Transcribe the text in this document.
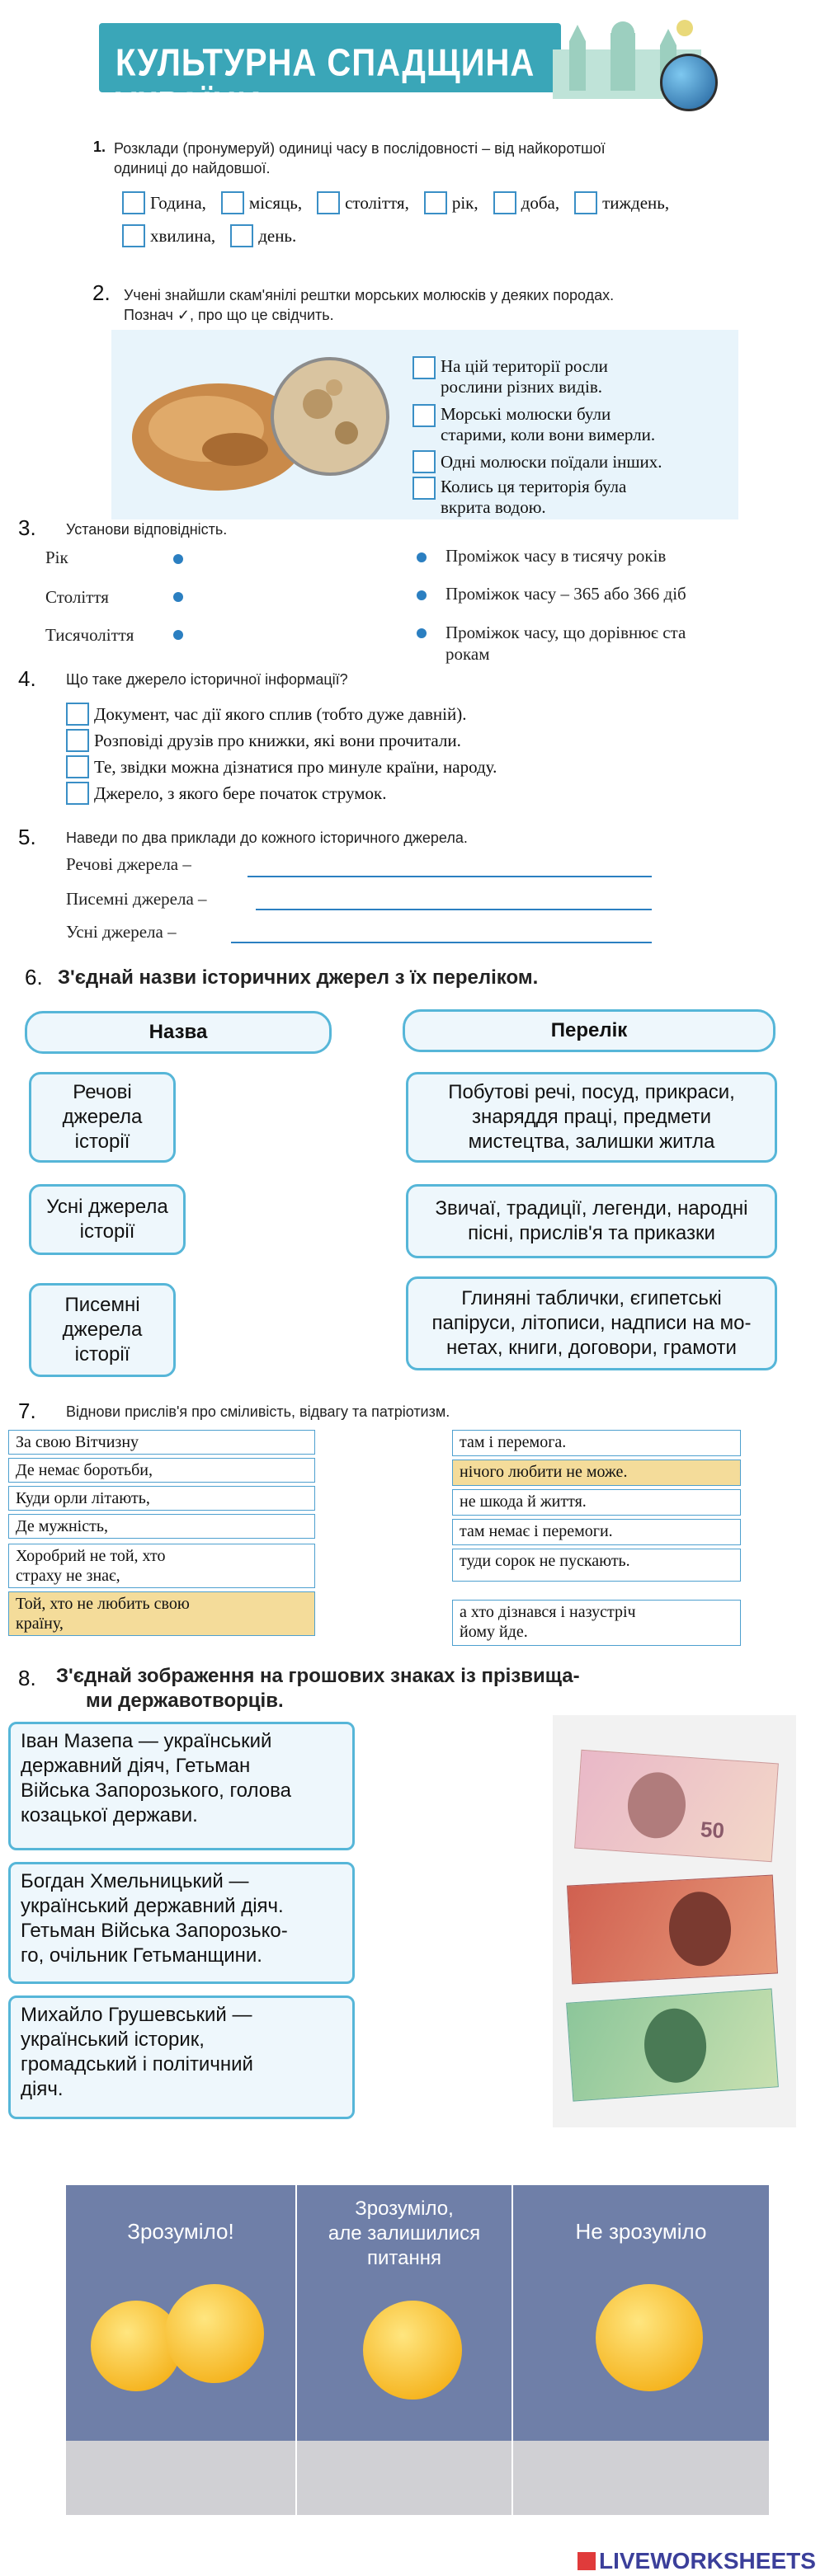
КУЛЬТУРНА СПАДЩИНА УКРАЇНИ
1. Розклади (пронумеруй) одиниці часу в послідовності – від найкоротшої
одиниці до найдовшої.
Година, місяць, століття, рік, доба, тиждень,
хвилина, день.
2. Учені знайшли скам'янілі рештки морських молюсків у деяких породах.
Познач ✓, про що це свідчить.
На цій території росли
рослини різних видів.
Морські молюски були
старими, коли вони вимерли.
Одні молюски поїдали інших.
Колись ця територія була
вкрита водою.
3. Установи відповідність.
Рік
Століття
Тисячоліття
Проміжок часу в тисячу років
Проміжок часу – 365 або 366 діб
Проміжок часу, що дорівнює ста
рокам
4. Що таке джерело історичної інформації?
Документ, час дії якого сплив (тобто дуже давній).
Розповіді друзів про книжки, які вони прочитали.
Те, звідки можна дізнатися про минуле країни, народу.
Джерело, з якого бере початок струмок.
5. Наведи по два приклади до кожного історичного джерела.
Речові джерела –
Писемні джерела –
Усні джерела –
6. З'єднай назви історичних джерел з їх переліком.
Назва	Перелік
Речові
джерела
історії
Усні джерела
історії
Писемні
джерела
історії
Побутові речі, посуд, прикраси,
знаряддя праці, предмети
мистецтва, залишки житла
Звичаї, традиції, легенди, народні
пісні, прислів'я та приказки
Глиняні таблички, єгипетські
папіруси, літописи, надписи на мо-
нетах, книги, договори, грамоти
7. Віднови прислів'я про сміливість, відвагу та патріотизм.
За свою Вітчизну
Де немає боротьби,
Куди орли літають,
Де мужність,
Хоробрий не той, хто
страху не знає,
Той, хто не любить свою
країну,
там і перемога.
нічого любити не може.
не шкода й життя.
там немає і перемоги.
туди сорок не пускають.
а хто дізнався і назустріч
йому йде.
8. З'єднай зображення на грошових знаках із прізвища-
ми державотворців.
Іван Мазепа — український
державний діяч, Гетьман
Війська Запорозького, голова
козацької держави.
Богдан Хмельницький —
український державний діяч.
Гетьман Війська Запорозько-
го, очільник Гетьманщини.
Михайло Грушевський —
український історик,
громадський і політичний
діяч.
50
Зрозуміло!
Зрозуміло,
але залишилися
питання
Не зрозуміло
LIVEWORKSHEETS
